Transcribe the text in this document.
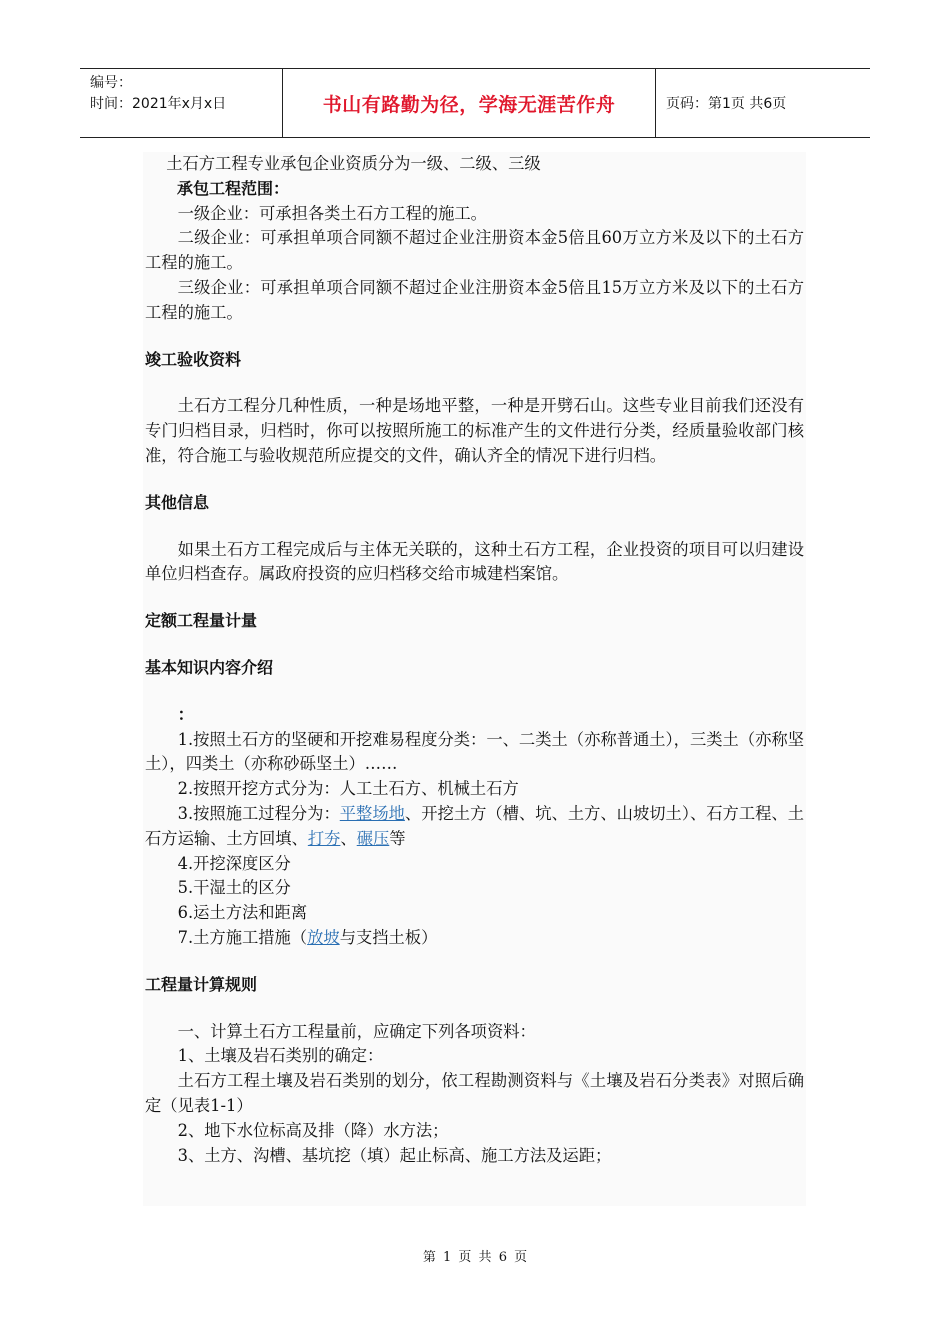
编号：
时间：2021年x月x日	书山有路勤为径，学海无涯苦作舟	页码：第1页 共6页

土石方工程专业承包企业资质分为一级、二级、三级

承包工程范围：

一级企业：可承担各类土石方工程的施工。

二级企业：可承担单项合同额不超过企业注册资本金5倍且60万立方米及以下的土石方工程的施工。

三级企业：可承担单项合同额不超过企业注册资本金5倍且15万立方米及以下的土石方工程的施工。

竣工验收资料

土石方工程分几种性质，一种是场地平整，一种是开劈石山。这些专业目前我们还没有专门归档目录，归档时，你可以按照所施工的标准产生的文件进行分类，经质量验收部门核准，符合施工与验收规范所应提交的文件，确认齐全的情况下进行归档。

其他信息

如果土石方工程完成后与主体无关联的，这种土石方工程，企业投资的项目可以归建设单位归档查存。属政府投资的应归档移交给市城建档案馆。

定额工程量计量

基本知识内容介绍

：

1.按照土石方的坚硬和开挖难易程度分类：一、二类土（亦称普通土），三类土（亦称坚土），四类土（亦称砂砾坚土）……

2.按照开挖方式分为：人工土石方、机械土石方

3.按照施工过程分为：平整场地、开挖土方（槽、坑、土方、山坡切土）、石方工程、土石方运输、土方回填、打夯、碾压等

4.开挖深度区分

5.干湿土的区分

6.运土方法和距离

7.土方施工措施（放坡与支挡土板）

工程量计算规则

一、计算土石方工程量前，应确定下列各项资料：

1、土壤及岩石类别的确定：

土石方工程土壤及岩石类别的划分，依工程勘测资料与《土壤及岩石分类表》对照后确定（见表1-1）

2、地下水位标高及排（降）水方法；

3、土方、沟槽、基坑挖（填）起止标高、施工方法及运距；

第 1 页 共 6 页
